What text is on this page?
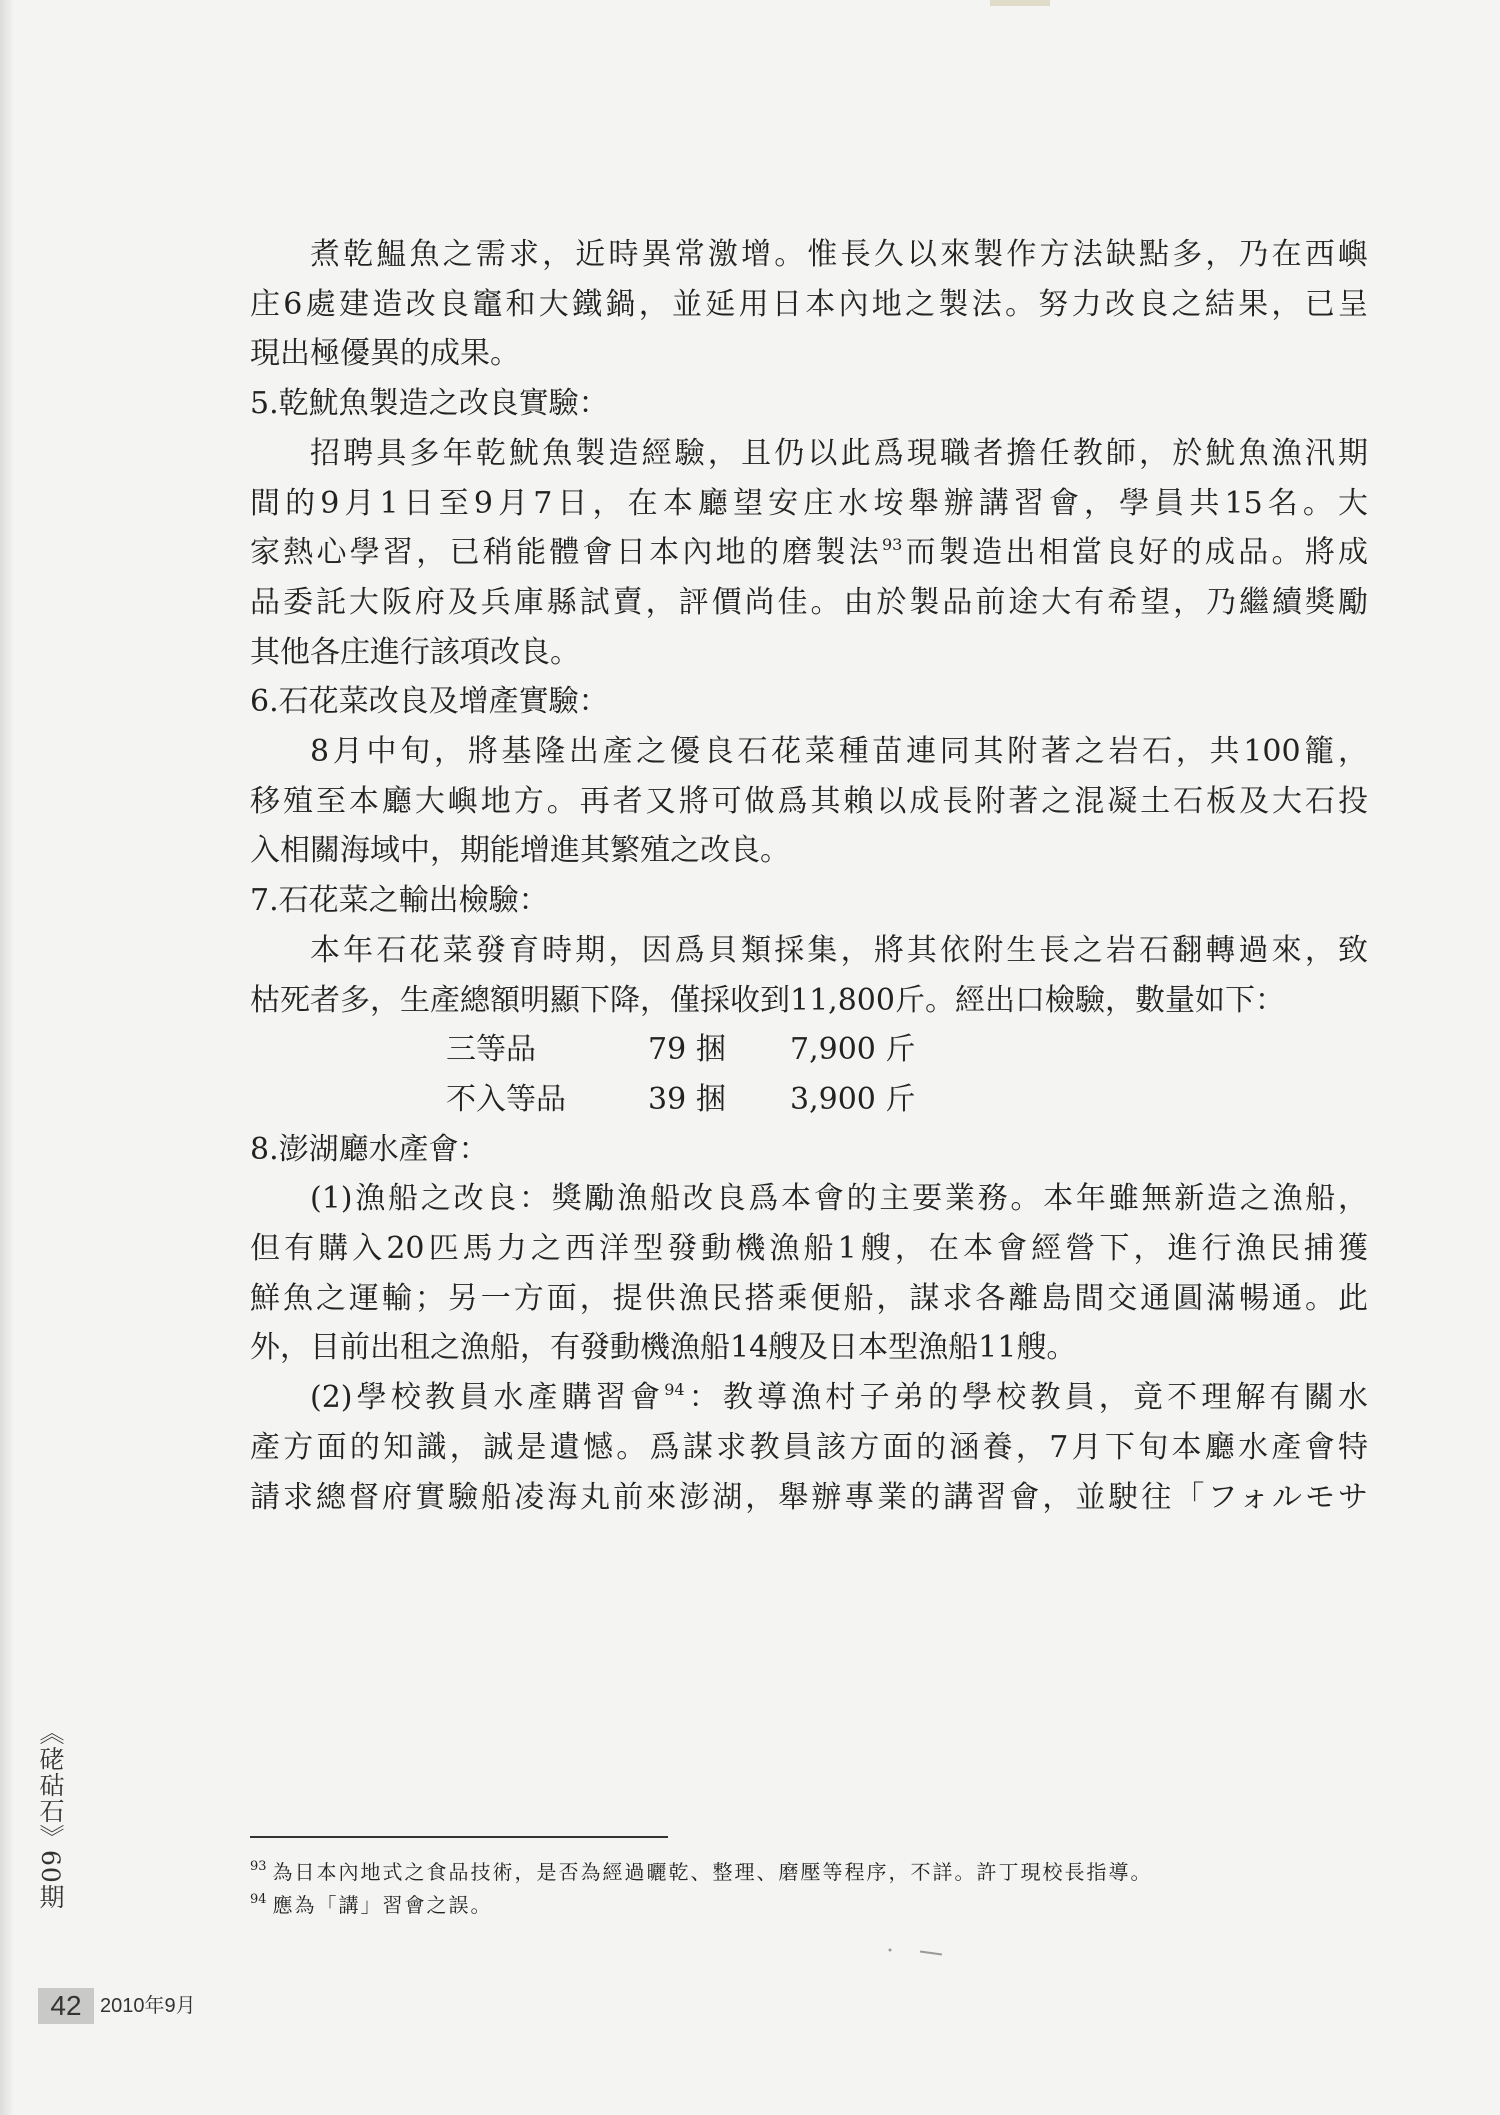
煮乾鰛魚之需求，近時異常激增。惟長久以來製作方法缺點多，乃在西嶼

庄6處建造改良竈和大鐵鍋，並延用日本內地之製法。努力改良之結果，已呈

現出極優異的成果。

5.乾魷魚製造之改良實驗：

招聘具多年乾魷魚製造經驗，且仍以此爲現職者擔任教師，於魷魚漁汛期

間的9月1日至9月7日，在本廳望安庄水垵舉辦講習會，學員共15名。大

家熱心學習，已稍能體會日本內地的磨製法$^{93}$而製造出相當良好的成品。將成

品委託大阪府及兵庫縣試賣，評價尚佳。由於製品前途大有希望，乃繼續獎勵

其他各庄進行該項改良。

6.石花菜改良及增產實驗：

8月中旬，將基隆出產之優良石花菜種苗連同其附著之岩石，共100籠，

移殖至本廳大嶼地方。再者又將可做爲其賴以成長附著之混凝土石板及大石投

入相關海域中，期能增進其繁殖之改良。

7.石花菜之輸出檢驗：

本年石花菜發育時期，因爲貝類採集，將其依附生長之岩石翻轉過來，致

枯死者多，生產總額明顯下降，僅採收到11,800斤。經出口檢驗，數量如下：

三等品	79 捆 7,900 斤
不入等品	39 捆 3,900 斤

8.澎湖廳水產會：

(1)漁船之改良：獎勵漁船改良爲本會的主要業務。本年雖無新造之漁船，

但有購入20匹馬力之西洋型發動機漁船1艘，在本會經營下，進行漁民捕獲

鮮魚之運輸；另一方面，提供漁民搭乘便船，謀求各離島間交通圓滿暢通。此

外，目前出租之漁船，有發動機漁船14艘及日本型漁船11艘。

(2)學校教員水產購習會$^{94}$：教導漁村子弟的學校教員，竟不理解有關水

產方面的知識，誠是遺憾。爲謀求教員該方面的涵養，7月下旬本廳水產會特

請求總督府實驗船凌海丸前來澎湖，舉辦專業的講習會，並駛往「フォルモサ

$^{93}$ 為日本內地式之食品技術，是否為經過曬乾、整理、磨壓等程序，不詳。許丁現校長指導。

$^{94}$ 應為「講」習會之誤。

《硓𥑮石》60期
42 2010年9月
